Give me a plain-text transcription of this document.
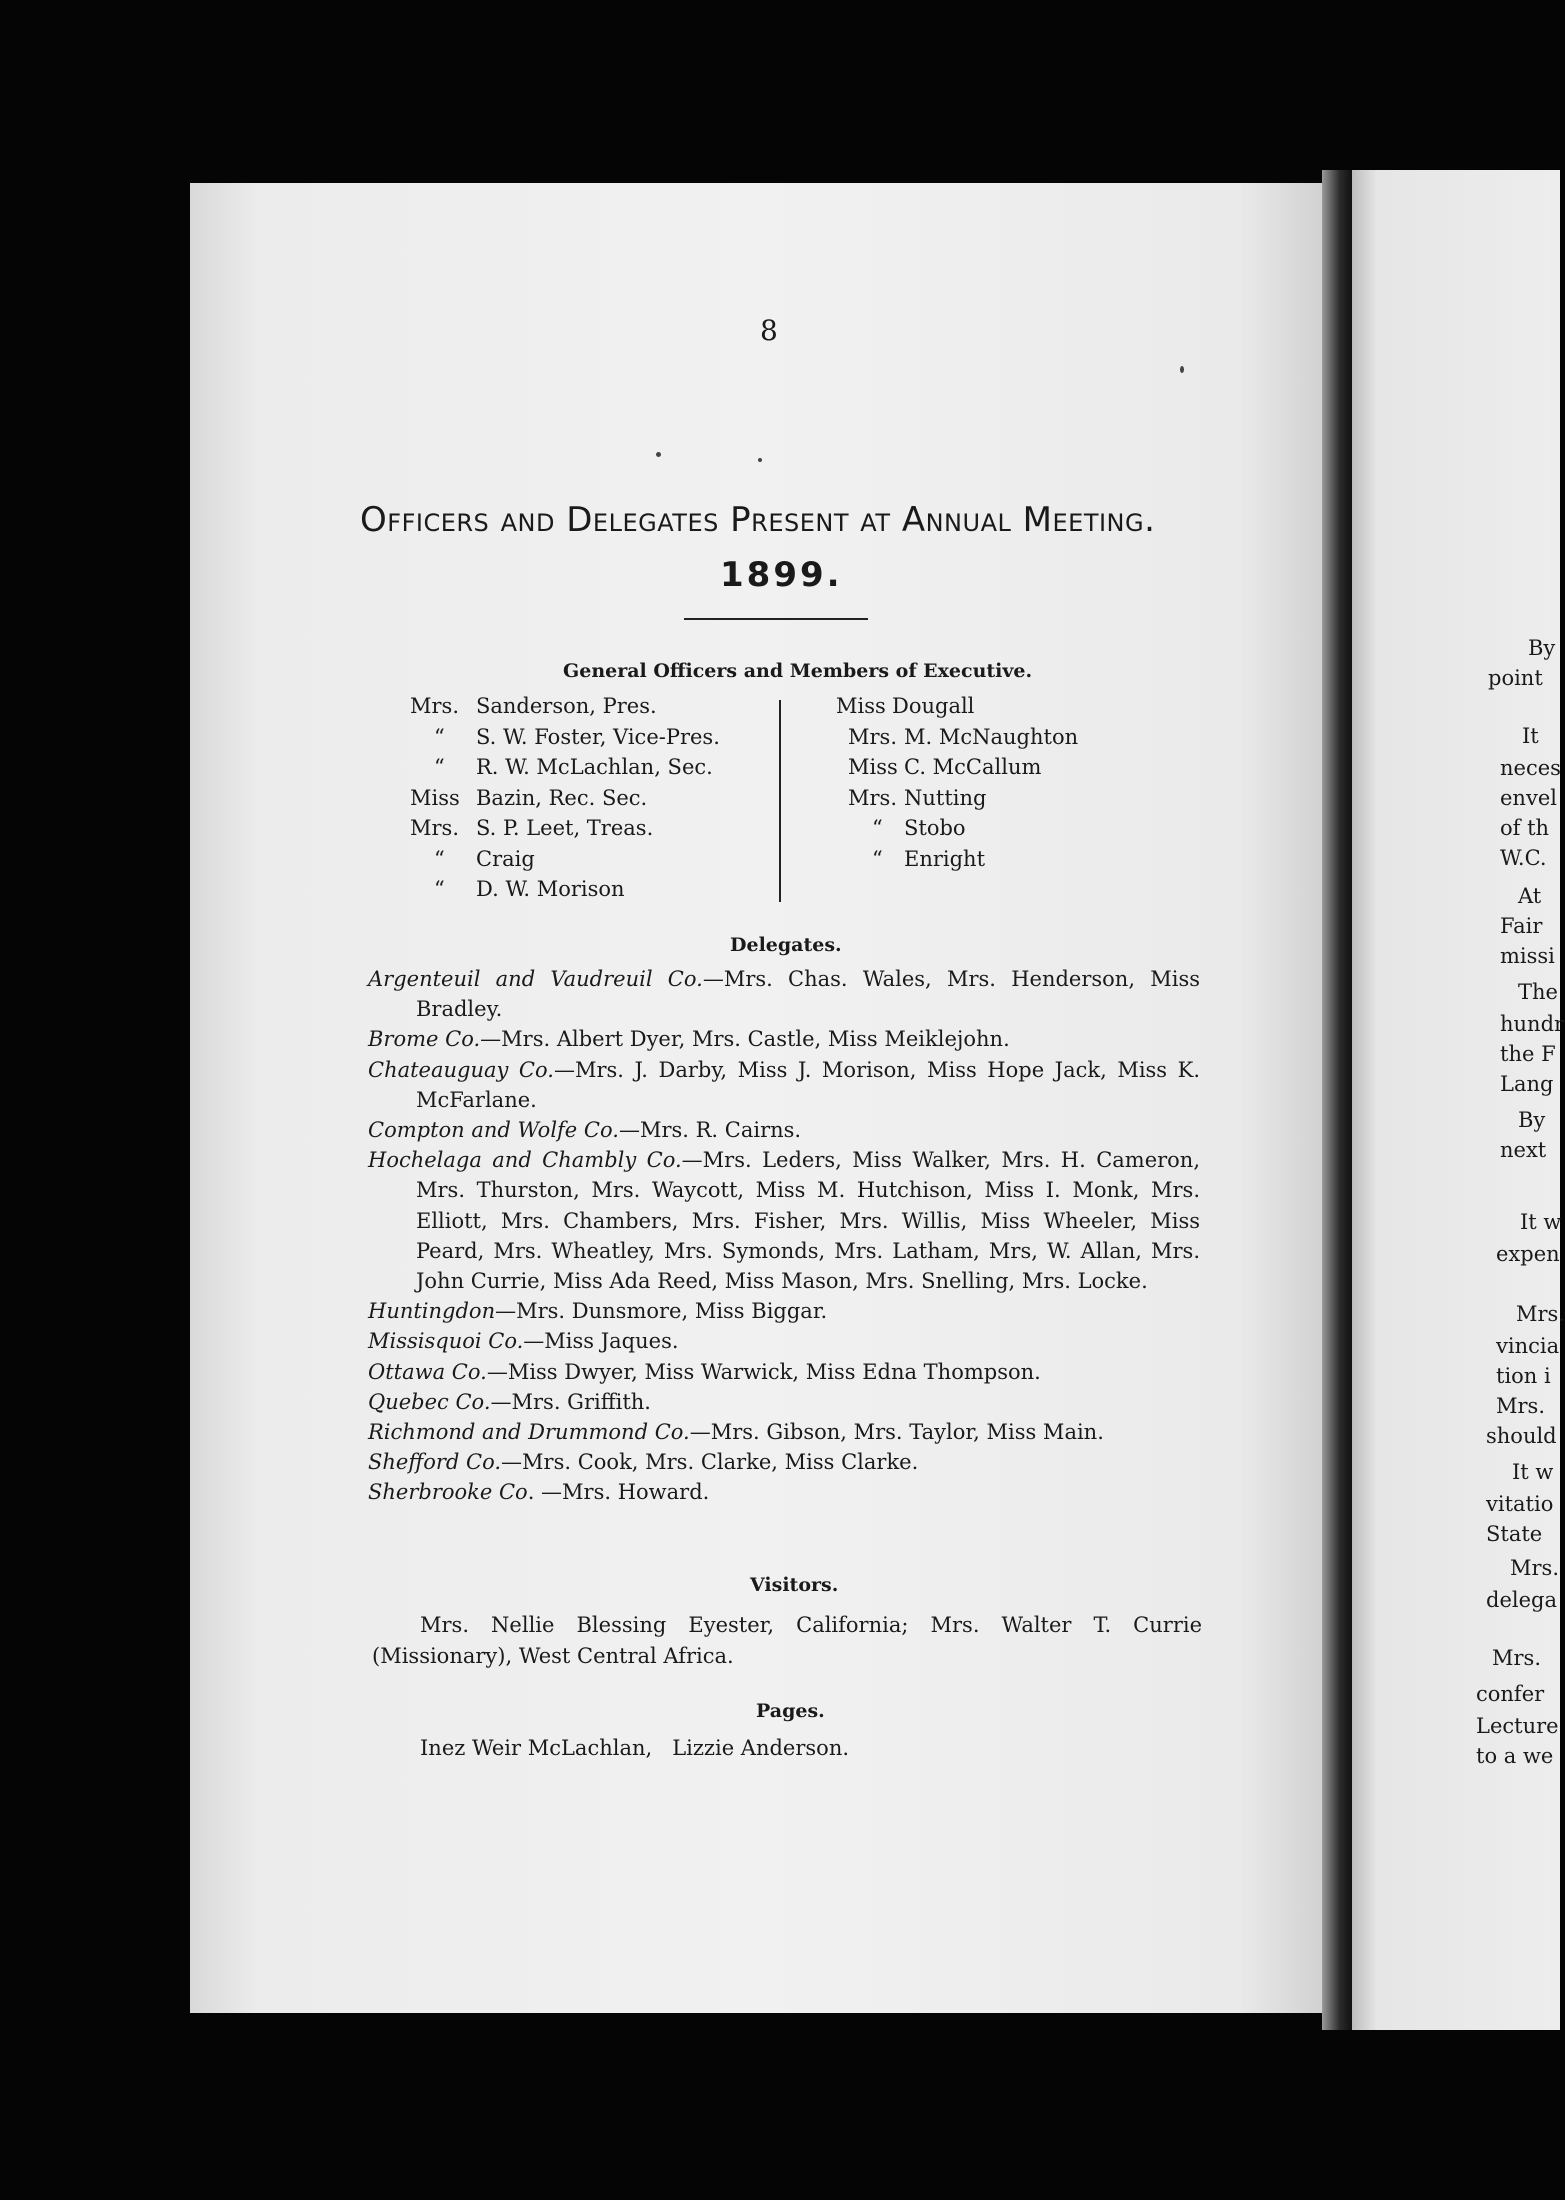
8
Officers and Delegates Present at Annual Meeting.
1899.
General Officers and Members of Executive.
Mrs. Sanderson, Pres.
“	S. W. Foster, Vice-Pres.
“	R. W. McLachlan, Sec.
Miss Bazin, Rec. Sec.
Mrs. S. P. Leet, Treas.
“	Craig
“	D. W. Morison
Miss Dougall
Mrs. M. McNaughton
Miss C. McCallum
Mrs. Nutting
“	Stobo
“	Enright
Delegates.
Argenteuil and Vaudreuil Co.—Mrs. Chas. Wales, Mrs. Henderson, Miss Bradley.
Brome Co.—Mrs. Albert Dyer, Mrs. Castle, Miss Meiklejohn.
Chateauguay Co.—Mrs. J. Darby, Miss J. Morison, Miss Hope Jack, Miss K. McFarlane.
Compton and Wolfe Co.—Mrs. R. Cairns.
Hochelaga and Chambly Co.—Mrs. Leders, Miss Walker, Mrs. H. Cameron, Mrs. Thurston, Mrs. Waycott, Miss M. Hutchison, Miss I. Monk, Mrs. Elliott, Mrs. Chambers, Mrs. Fisher, Mrs. Willis, Miss Wheeler, Miss Peard, Mrs. Wheatley, Mrs. Symonds, Mrs. Latham, Mrs, W. Allan, Mrs. John Currie, Miss Ada Reed, Miss Mason, Mrs. Snelling, Mrs. Locke.
Huntingdon—Mrs. Dunsmore, Miss Biggar.
Missisquoi Co.—Miss Jaques.
Ottawa Co.—Miss Dwyer, Miss Warwick, Miss Edna Thompson.
Quebec Co.—Mrs. Griffith.
Richmond and Drummond Co.—Mrs. Gibson, Mrs. Taylor, Miss Main.
Shefford Co.—Mrs. Cook, Mrs. Clarke, Miss Clarke.
Sherbrooke Co. —Mrs. Howard.
Visitors.
Mrs. Nellie Blessing Eyester, California; Mrs. Walter T. Currie (Missionary), West Central Africa.
Pages.
Inez Weir McLachlan,   Lizzie Anderson.
By
point
It
neces
envel
of th
W.C.
At
Fair
missi
The
hundr
the F
Lang
By
next
It w
expen
Mrs.
vincia
tion i
Mrs.
should
It w
vitatio
State
Mrs.
delega
Mrs.
confer
Lecture
to a we
